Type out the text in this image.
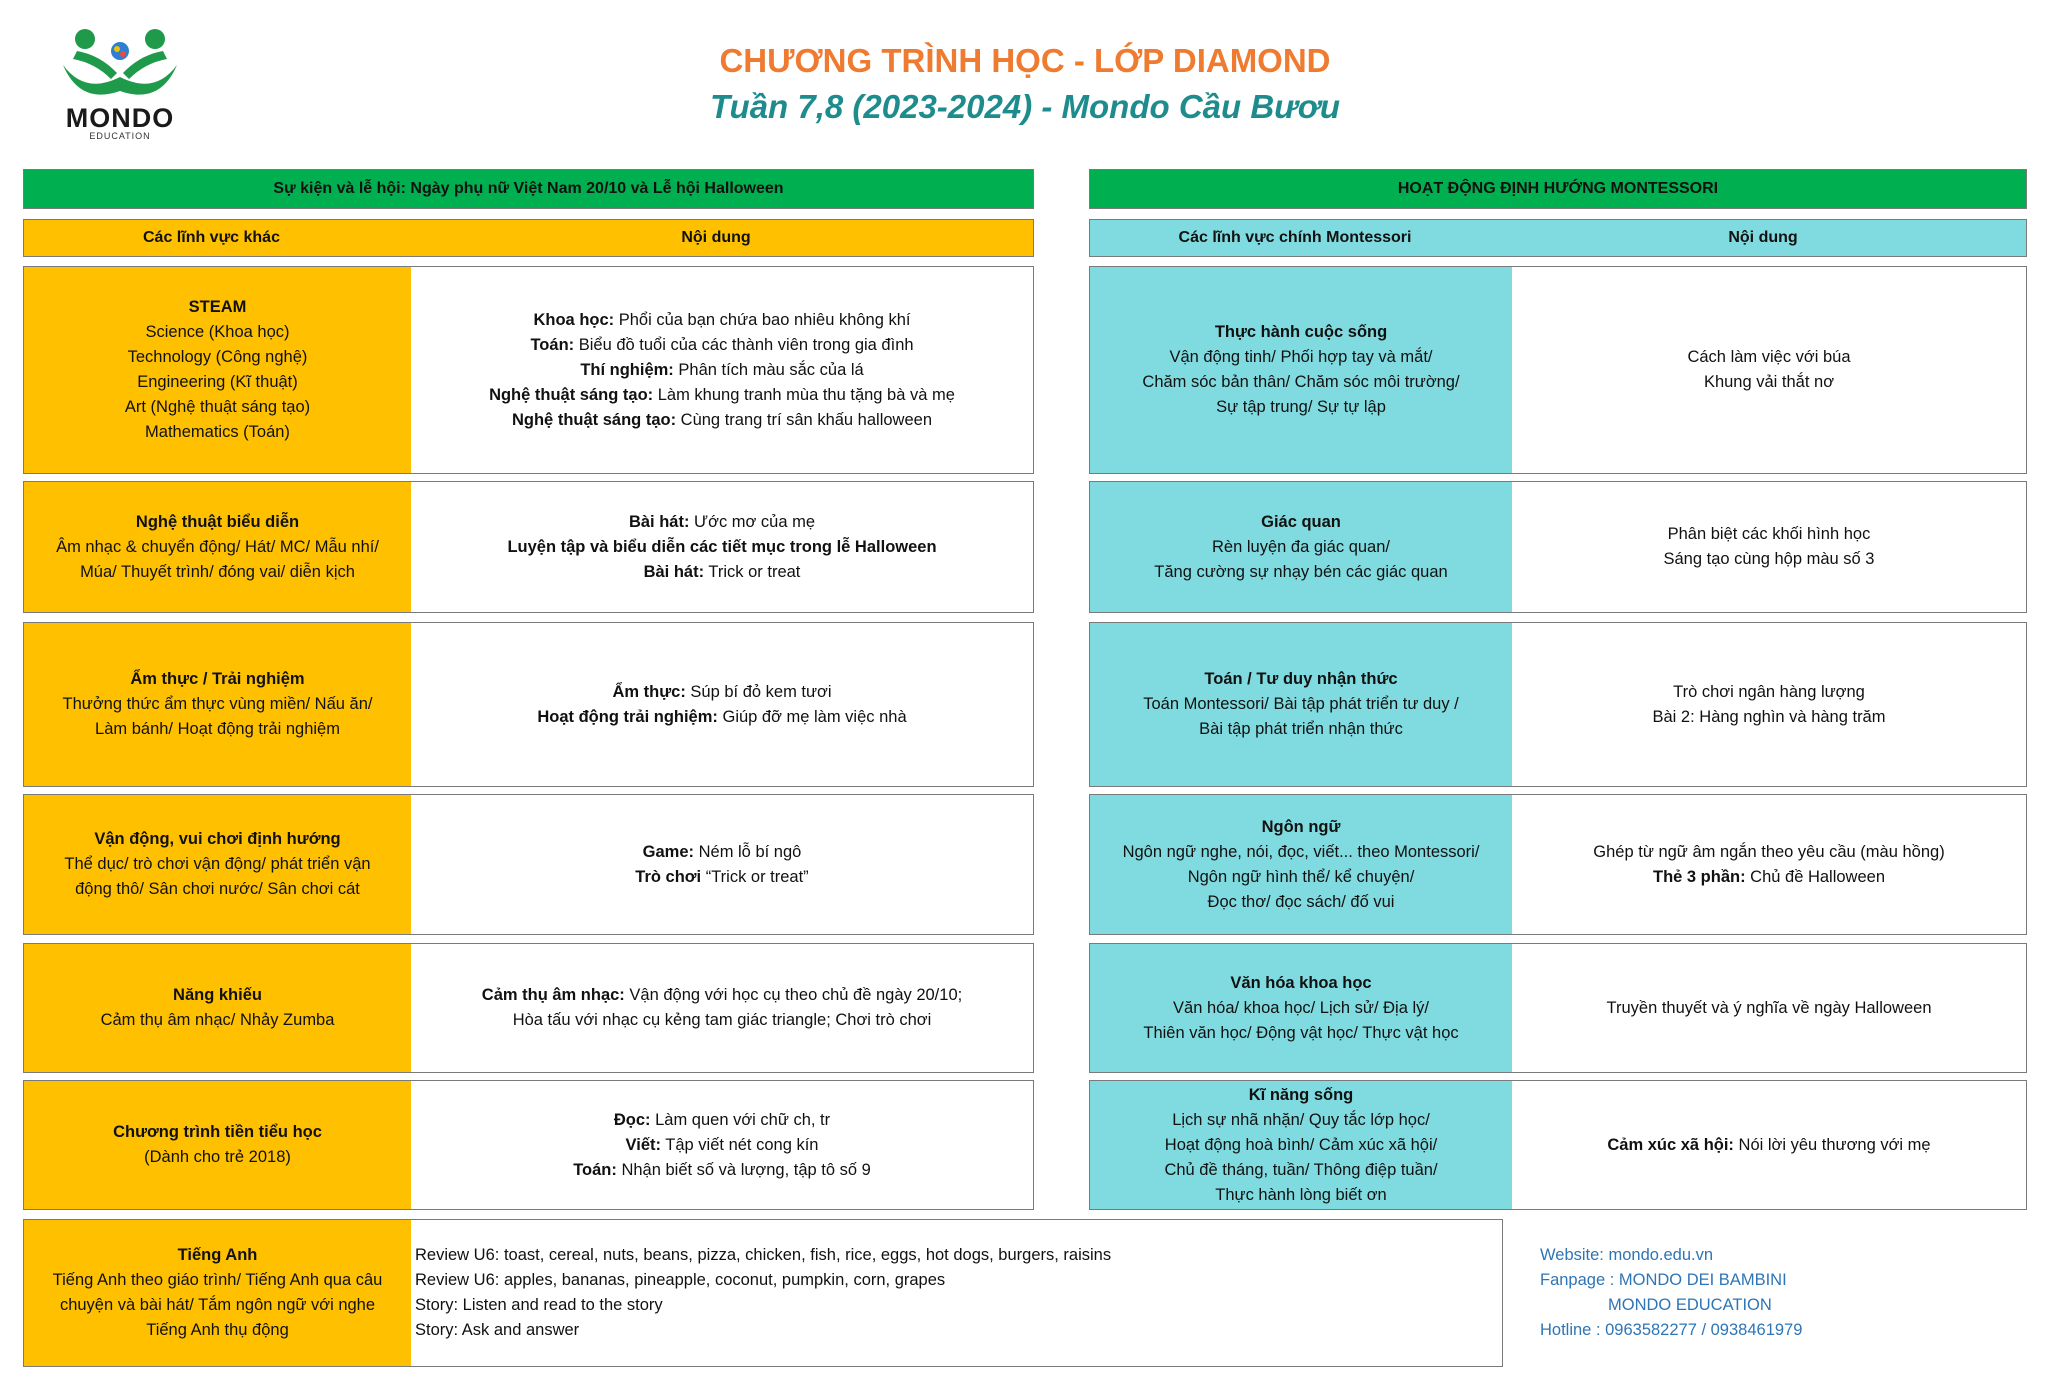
MONDO
EDUCATION
CHƯƠNG TRÌNH HỌC - LỚP DIAMOND
Tuần 7,8 (2023-2024) - Mondo Cầu Bươu
Sự kiện và lễ hội: Ngày phụ nữ Việt Nam 20/10 và Lễ hội Halloween
Các lĩnh vực khác	Nội dung
HOẠT ĐỘNG ĐỊNH HƯỚNG MONTESSORI
Các lĩnh vực chính Montessori	Nội dung
STEAM
Science (Khoa học)
Technology (Công nghệ)
Engineering (Kĩ thuật)
Art (Nghệ thuật sáng tạo)
Mathematics (Toán)
Khoa học: Phổi của bạn chứa bao nhiêu không khí
Toán: Biểu đồ tuổi của các thành viên trong gia đình
Thí nghiệm: Phân tích màu sắc của lá
Nghệ thuật sáng tạo: Làm khung tranh mùa thu tặng bà và mẹ
Nghệ thuật sáng tạo: Cùng trang trí sân khấu halloween
Nghệ thuật biểu diễn
Âm nhạc & chuyển động/ Hát/ MC/ Mẫu nhí/
Múa/ Thuyết trình/ đóng vai/ diễn kịch
Bài hát: Ước mơ của mẹ
Luyện tập và biểu diễn các tiết mục trong lễ Halloween
Bài hát: Trick or treat
Ẩm thực / Trải nghiệm
Thưởng thức ẩm thực vùng miền/ Nấu ăn/
Làm bánh/ Hoạt động trải nghiệm
Ẩm thực: Súp bí đỏ kem tươi
Hoạt động trải nghiệm: Giúp đỡ mẹ làm việc nhà
Vận động, vui chơi định hướng
Thể dục/ trò chơi vận động/ phát triển vận
động thô/ Sân chơi nước/ Sân chơi cát
Game: Ném lỗ bí ngô
Trò chơi “Trick or treat”
Năng khiếu
Cảm thụ âm nhạc/ Nhảy Zumba
Cảm thụ âm nhạc: Vận động với học cụ theo chủ đề ngày 20/10;
Hòa tấu với nhạc cụ kẻng tam giác triangle; Chơi trò chơi
Chương trình tiền tiểu học
(Dành cho trẻ 2018)
Đọc: Làm quen với chữ ch, tr
Viết: Tập viết nét cong kín
Toán: Nhận biết số và lượng, tập tô số 9
Thực hành cuộc sống
Vận động tinh/ Phối hợp tay và mắt/
Chăm sóc bản thân/ Chăm sóc môi trường/
Sự tập trung/ Sự tự lập
Cách làm việc với búa
Khung vải thắt nơ
Giác quan
Rèn luyện đa giác quan/
Tăng cường sự nhạy bén các giác quan
Phân biệt các khối hình học
Sáng tạo cùng hộp màu số 3
Toán / Tư duy nhận thức
Toán Montessori/ Bài tập phát triển tư duy /
Bài tập phát triển nhận thức
Trò chơi ngân hàng lượng
Bài 2: Hàng nghìn và hàng trăm
Ngôn ngữ
Ngôn ngữ nghe, nói, đọc, viết... theo Montessori/
Ngôn ngữ hình thể/ kể chuyện/
Đọc thơ/ đọc sách/ đố vui
Ghép từ ngữ âm ngắn theo yêu cầu (màu hồng)
Thẻ 3 phần: Chủ đề Halloween
Văn hóa khoa học
Văn hóa/ khoa học/ Lịch sử/ Địa lý/
Thiên văn học/ Động vật học/ Thực vật học
Truyền thuyết và ý nghĩa về ngày Halloween
Kĩ năng sống
Lịch sự nhã nhặn/ Quy tắc lớp học/
Hoạt động hoà bình/ Cảm xúc xã hội/
Chủ đề tháng, tuần/ Thông điệp tuần/
Thực hành lòng biết ơn
Cảm xúc xã hội: Nói lời yêu thương với mẹ
Tiếng Anh
Tiếng Anh theo giáo trình/ Tiếng Anh qua câu
chuyện và bài hát/ Tắm ngôn ngữ với nghe
Tiếng Anh thụ động
Review U6: toast, cereal, nuts, beans, pizza, chicken, fish, rice, eggs, hot dogs, burgers, raisins
Review U6: apples, bananas, pineapple, coconut, pumpkin, corn, grapes
Story: Listen and read to the story
Story: Ask and answer
Website: mondo.edu.vn
Fanpage : MONDO DEI BAMBINI
MONDO EDUCATION
Hotline : 0963582277 / 0938461979
